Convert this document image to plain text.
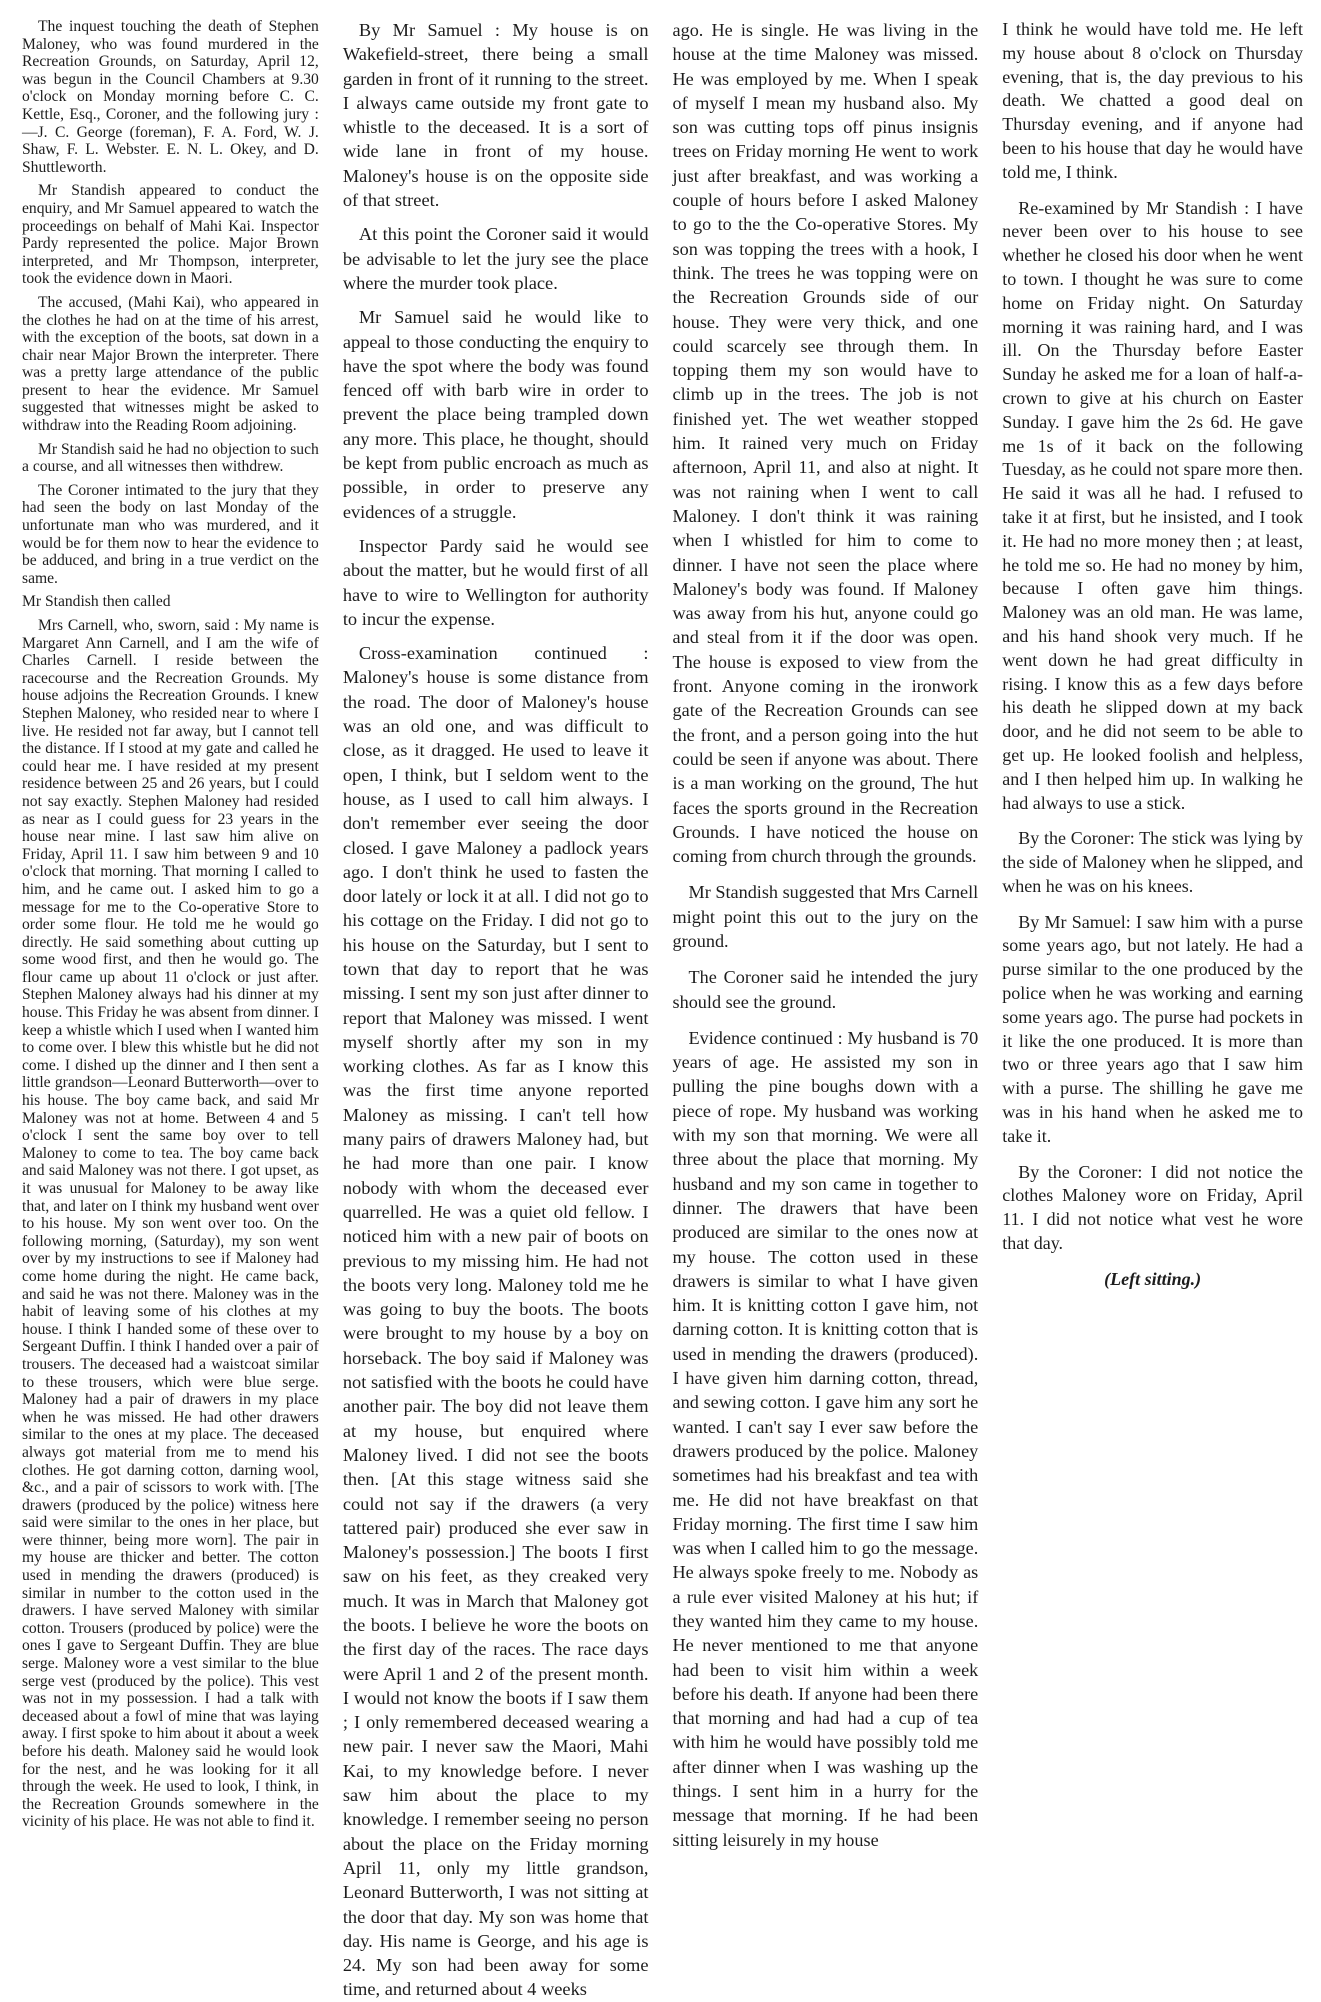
The inquest touching the death of Stephen Maloney, who was found murdered in the Recreation Grounds, on Saturday, April 12, was begun in the Council Chambers at 9.30 o'clock on Monday morning before C. C. Kettle, Esq., Coroner, and the following jury :—J. C. George (foreman), F. A. Ford, W. J. Shaw, F. L. Webster. E. N. L. Okey, and D. Shuttleworth.

Mr Standish appeared to conduct the enquiry, and Mr Samuel appeared to watch the proceedings on behalf of Mahi Kai. Inspector Pardy represented the police. Major Brown interpreted, and Mr Thompson, interpreter, took the evidence down in Maori.

The accused, (Mahi Kai), who appeared in the clothes he had on at the time of his arrest, with the exception of the boots, sat down in a chair near Major Brown the interpreter. There was a pretty large attendance of the public present to hear the evidence. Mr Samuel suggested that witnesses might be asked to withdraw into the Reading Room adjoining.

Mr Standish said he had no objection to such a course, and all witnesses then withdrew.

The Coroner intimated to the jury that they had seen the body on last Monday of the unfortunate man who was murdered, and it would be for them now to hear the evidence to be adduced, and bring in a true verdict on the same.

Mr Standish then called

Mrs Carnell, who, sworn, said : My name is Margaret Ann Carnell, and I am the wife of Charles Carnell. I reside between the racecourse and the Recreation Grounds. My house adjoins the Recreation Grounds. I knew Stephen Maloney, who resided near to where I live. He resided not far away, but I cannot tell the distance. If I stood at my gate and called he could hear me. I have resided at my present residence between 25 and 26 years, but I could not say exactly. Stephen Maloney had resided as near as I could guess for 23 years in the house near mine. I last saw him alive on Friday, April 11. I saw him between 9 and 10 o'clock that morning. That morning I called to him, and he came out. I asked him to go a message for me to the Co-operative Store to order some flour. He told me he would go directly. He said something about cutting up some wood first, and then he would go. The flour came up about 11 o'clock or just after. Stephen Maloney always had his dinner at my house. This Friday he was absent from dinner. I keep a whistle which I used when I wanted him to come over. I blew this whistle but he did not come. I dished up the dinner and I then sent a little grandson—Leonard Butterworth—over to his house. The boy came back, and said Mr Maloney was not at home. Between 4 and 5 o'clock I sent the same boy over to tell Maloney to come to tea. The boy came back and said Maloney was not there. I got upset, as it was unusual for Maloney to be away like that, and later on I think my husband went over to his house. My son went over too. On the following morning, (Saturday), my son went over by my instructions to see if Maloney had come home during the night. He came back, and said he was not there. Maloney was in the habit of leaving some of his clothes at my house. I think I handed some of these over to Sergeant Duffin. I think I handed over a pair of trousers. The deceased had a waistcoat similar to these trousers, which were blue serge. Maloney had a pair of drawers in my place when he was missed. He had other drawers similar to the ones at my place. The deceased always got material from me to mend his clothes. He got darning cotton, darning wool, &c., and a pair of scissors to work with. [The drawers (produced by the police) witness here said were similar to the ones in her place, but were thinner, being more worn]. The pair in my house are thicker and better. The cotton used in mending the drawers (produced) is similar in number to the cotton used in the drawers. I have served Maloney with similar cotton. Trousers (produced by police) were the ones I gave to Sergeant Duffin. They are blue serge. Maloney wore a vest similar to the blue serge vest (produced by the police). This vest was not in my possession. I had a talk with deceased about a fowl of mine that was laying away. I first spoke to him about it about a week before his death. Maloney said he would look for the nest, and he was looking for it all through the week. He used to look, I think, in the Recreation Grounds somewhere in the vicinity of his place. He was not able to find it.

By Mr Samuel : My house is on Wakefield-street, there being a small garden in front of it running to the street. I always came outside my front gate to whistle to the deceased. It is a sort of wide lane in front of my house. Maloney's house is on the opposite side of that street.

At this point the Coroner said it would be advisable to let the jury see the place where the murder took place.

Mr Samuel said he would like to appeal to those conducting the enquiry to have the spot where the body was found fenced off with barb wire in order to prevent the place being trampled down any more. This place, he thought, should be kept from public encroach as much as possible, in order to preserve any evidences of a struggle.

Inspector Pardy said he would see about the matter, but he would first of all have to wire to Wellington for authority to incur the expense.

Cross-examination continued : Maloney's house is some distance from the road. The door of Maloney's house was an old one, and was difficult to close, as it dragged. He used to leave it open, I think, but I seldom went to the house, as I used to call him always. I don't remember ever seeing the door closed. I gave Maloney a padlock years ago. I don't think he used to fasten the door lately or lock it at all. I did not go to his cottage on the Friday. I did not go to his house on the Saturday, but I sent to town that day to report that he was missing. I sent my son just after dinner to report that Maloney was missed. I went myself shortly after my son in my working clothes. As far as I know this was the first time anyone reported Maloney as missing. I can't tell how many pairs of drawers Maloney had, but he had more than one pair. I know nobody with whom the deceased ever quarrelled. He was a quiet old fellow. I noticed him with a new pair of boots on previous to my missing him. He had not the boots very long. Maloney told me he was going to buy the boots. The boots were brought to my house by a boy on horseback. The boy said if Maloney was not satisfied with the boots he could have another pair. The boy did not leave them at my house, but enquired where Maloney lived. I did not see the boots then. [At this stage witness said she could not say if the drawers (a very tattered pair) produced she ever saw in Maloney's possession.] The boots I first saw on his feet, as they creaked very much. It was in March that Maloney got the boots. I believe he wore the boots on the first day of the races. The race days were April 1 and 2 of the present month. I would not know the boots if I saw them ; I only remembered deceased wearing a new pair. I never saw the Maori, Mahi Kai, to my knowledge before. I never saw him about the place to my knowledge. I remember seeing no person about the place on the Friday morning April 11, only my little grandson, Leonard Butterworth, I was not sitting at the door that day. My son was home that day. His name is George, and his age is 24. My son had been away for some time, and returned about 4 weeks

ago. He is single. He was living in the house at the time Maloney was missed. He was employed by me. When I speak of myself I mean my husband also. My son was cutting tops off pinus insignis trees on Friday morning He went to work just after breakfast, and was working a couple of hours before I asked Maloney to go to the the Co-operative Stores. My son was topping the trees with a hook, I think. The trees he was topping were on the Recreation Grounds side of our house. They were very thick, and one could scarcely see through them. In topping them my son would have to climb up in the trees. The job is not finished yet. The wet weather stopped him. It rained very much on Friday afternoon, April 11, and also at night. It was not raining when I went to call Maloney. I don't think it was raining when I whistled for him to come to dinner. I have not seen the place where Maloney's body was found. If Maloney was away from his hut, anyone could go and steal from it if the door was open. The house is exposed to view from the front. Anyone coming in the ironwork gate of the Recreation Grounds can see the front, and a person going into the hut could be seen if anyone was about. There is a man working on the ground, The hut faces the sports ground in the Recreation Grounds. I have noticed the house on coming from church through the grounds.

Mr Standish suggested that Mrs Carnell might point this out to the jury on the ground.

The Coroner said he intended the jury should see the ground.

Evidence continued : My husband is 70 years of age. He assisted my son in pulling the pine boughs down with a piece of rope. My husband was working with my son that morning. We were all three about the place that morning. My husband and my son came in together to dinner. The drawers that have been produced are similar to the ones now at my house. The cotton used in these drawers is similar to what I have given him. It is knitting cotton I gave him, not darning cotton. It is knitting cotton that is used in mending the drawers (produced). I have given him darning cotton, thread, and sewing cotton. I gave him any sort he wanted. I can't say I ever saw before the drawers produced by the police. Maloney sometimes had his breakfast and tea with me. He did not have breakfast on that Friday morning. The first time I saw him was when I called him to go the message. He always spoke freely to me. Nobody as a rule ever visited Maloney at his hut; if they wanted him they came to my house. He never mentioned to me that anyone had been to visit him within a week before his death. If anyone had been there that morning and had had a cup of tea with him he would have possibly told me after dinner when I was washing up the things. I sent him in a hurry for the message that morning. If he had been sitting leisurely in my house

I think he would have told me. He left my house about 8 o'clock on Thursday evening, that is, the day previous to his death. We chatted a good deal on Thursday evening, and if anyone had been to his house that day he would have told me, I think.

Re-examined by Mr Standish : I have never been over to his house to see whether he closed his door when he went to town. I thought he was sure to come home on Friday night. On Saturday morning it was raining hard, and I was ill. On the Thursday before Easter Sunday he asked me for a loan of half-a-crown to give at his church on Easter Sunday. I gave him the 2s 6d. He gave me 1s of it back on the following Tuesday, as he could not spare more then. He said it was all he had. I refused to take it at first, but he insisted, and I took it. He had no more money then ; at least, he told me so. He had no money by him, because I often gave him things. Maloney was an old man. He was lame, and his hand shook very much. If he went down he had great difficulty in rising. I know this as a few days before his death he slipped down at my back door, and he did not seem to be able to get up. He looked foolish and helpless, and I then helped him up. In walking he had always to use a stick.

By the Coroner: The stick was lying by the side of Maloney when he slipped, and when he was on his knees.

By Mr Samuel: I saw him with a purse some years ago, but not lately. He had a purse similar to the one produced by the police when he was working and earning some years ago. The purse had pockets in it like the one produced. It is more than two or three years ago that I saw him with a purse. The shilling he gave me was in his hand when he asked me to take it.

By the Coroner: I did not notice the clothes Maloney wore on Friday, April 11. I did not notice what vest he wore that day.

(Left sitting.)
